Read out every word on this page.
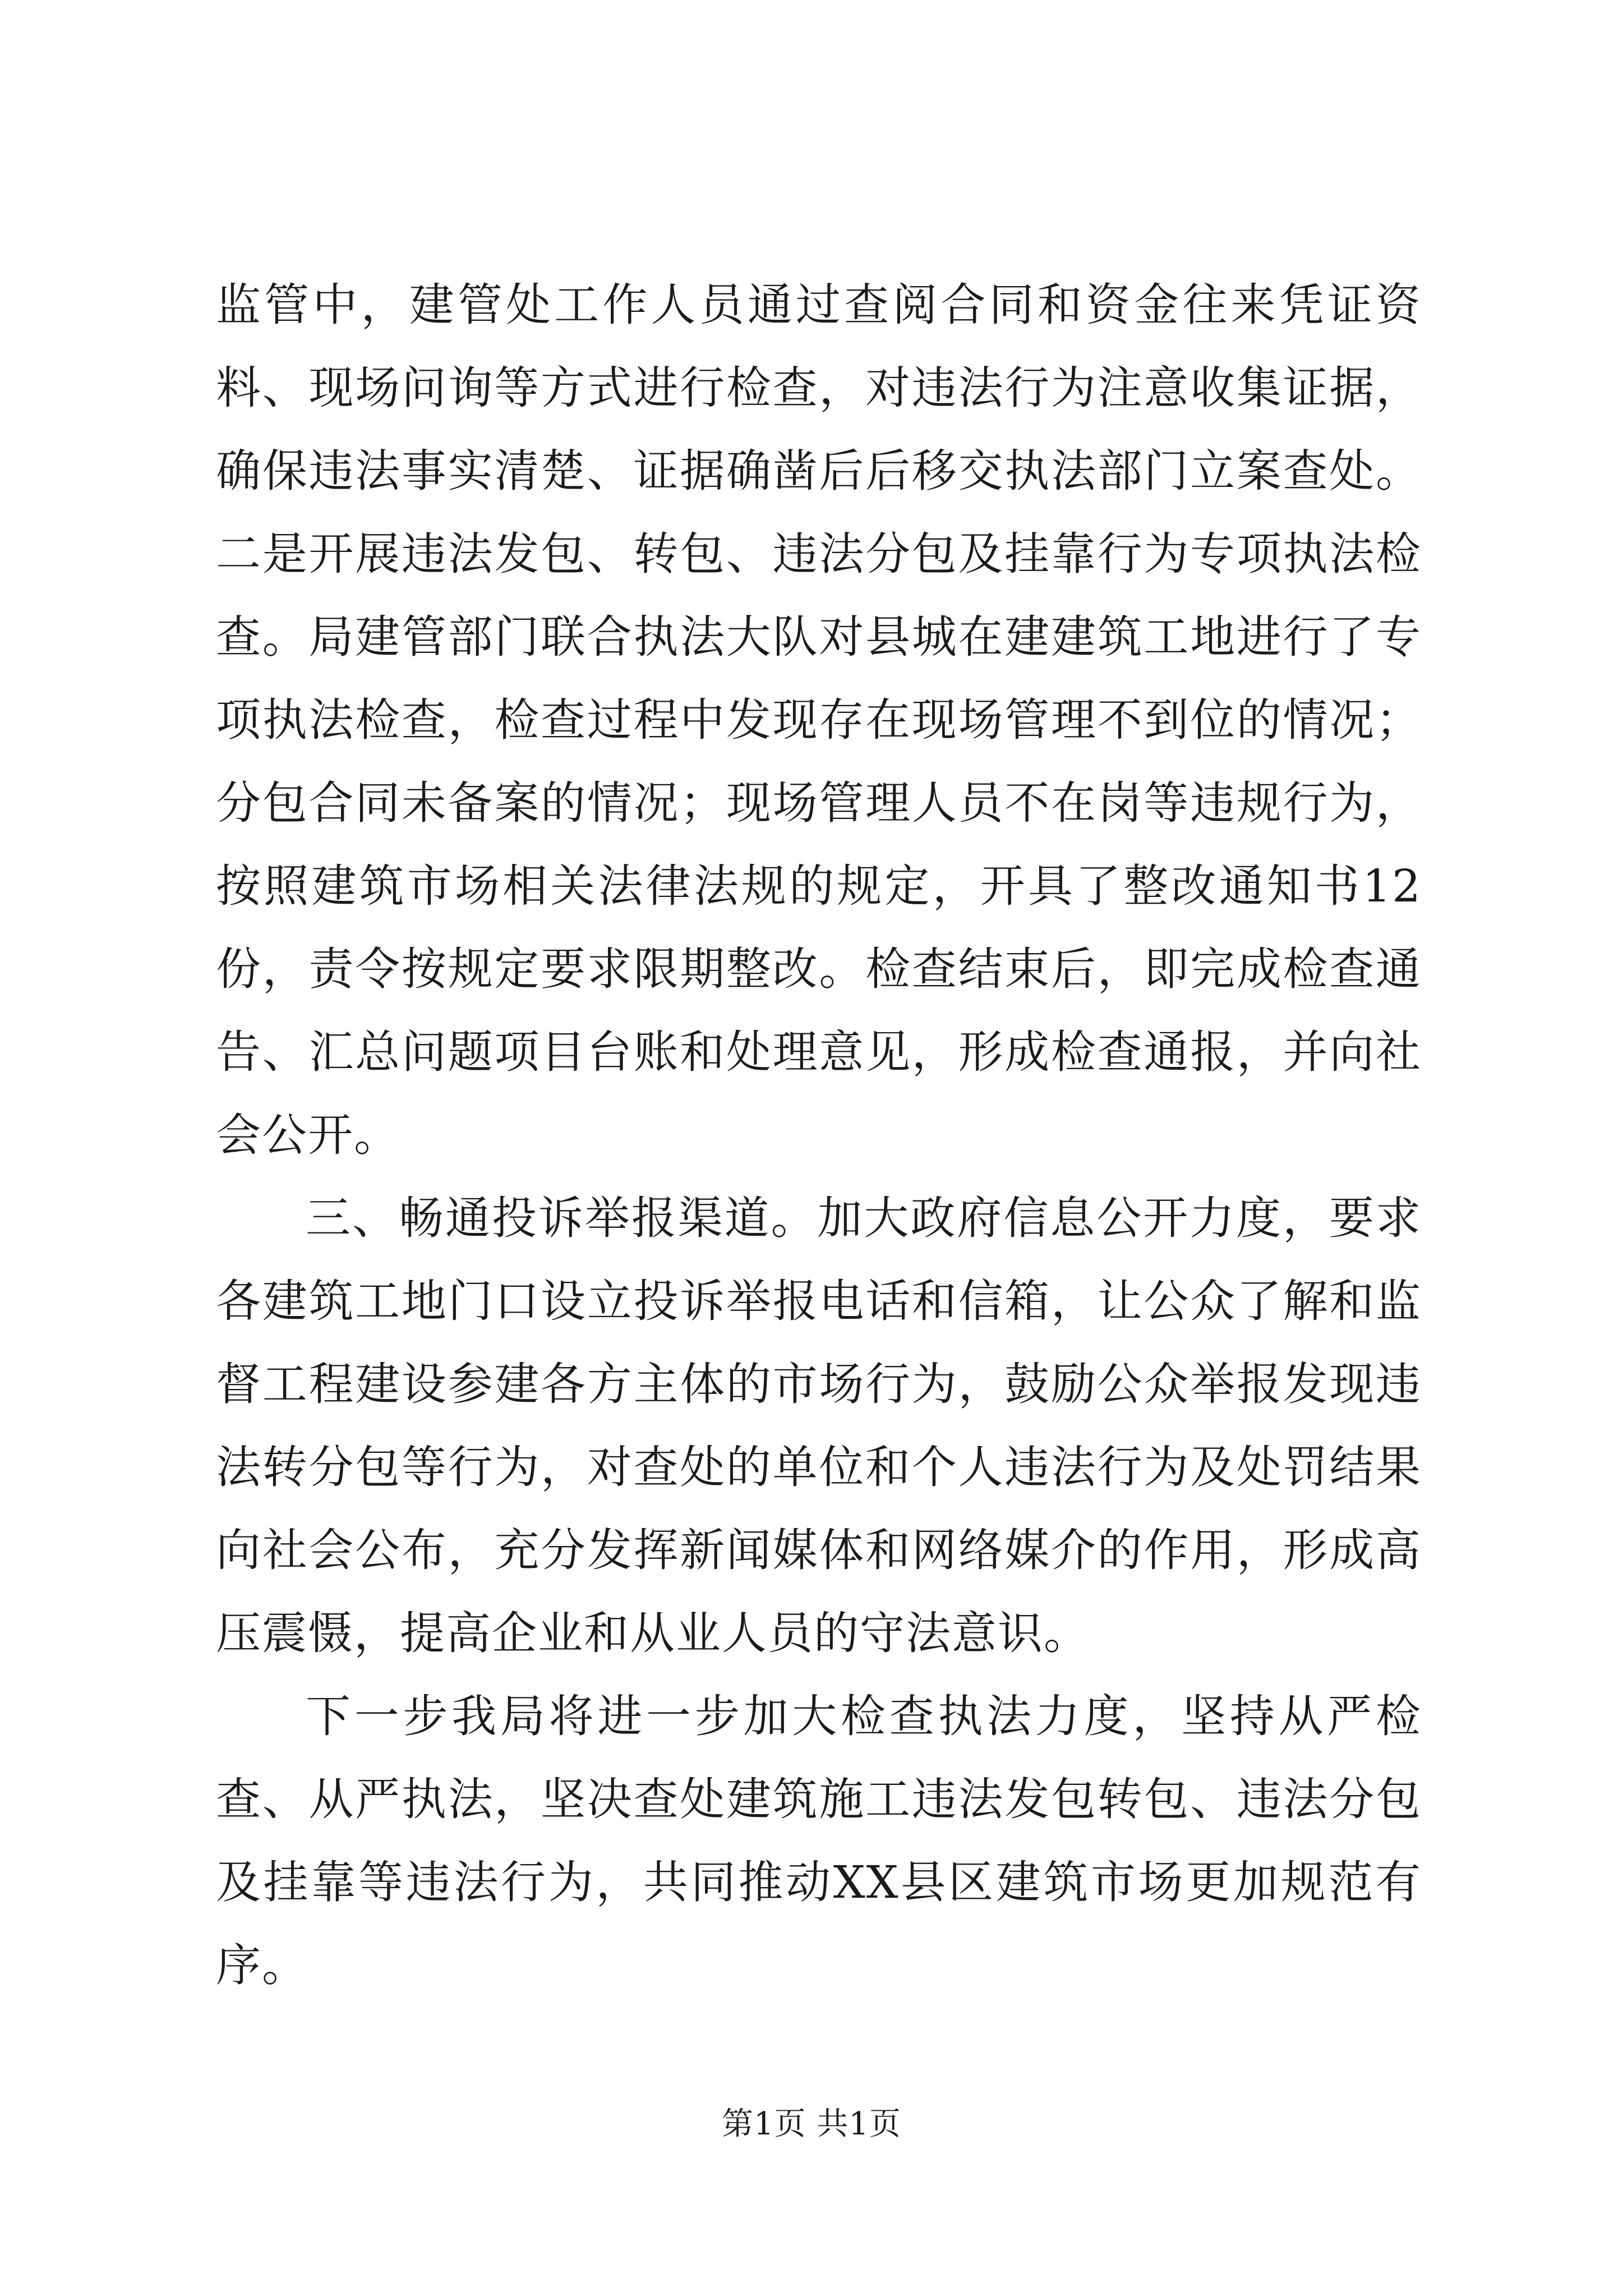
监管中，建管处工作人员通过查阅合同和资金往来凭证资料、现场问询等方式进行检查，对违法行为注意收集证据，确保违法事实清楚、证据确凿后后移交执法部门立案查处。二是开展违法发包、转包、违法分包及挂靠行为专项执法检查。局建管部门联合执法大队对县城在建建筑工地进行了专项执法检查，检查过程中发现存在现场管理不到位的情况；分包合同未备案的情况；现场管理人员不在岗等违规行为，按照建筑市场相关法律法规的规定，开具了整改通知书12份，责令按规定要求限期整改。检查结束后，即完成检查通告、汇总问题项目台账和处理意见，形成检查通报，并向社会公开。

三、畅通投诉举报渠道。加大政府信息公开力度，要求各建筑工地门口设立投诉举报电话和信箱，让公众了解和监督工程建设参建各方主体的市场行为，鼓励公众举报发现违法转分包等行为，对查处的单位和个人违法行为及处罚结果向社会公布，充分发挥新闻媒体和网络媒介的作用，形成高压震慑，提高企业和从业人员的守法意识。

下一步我局将进一步加大检查执法力度，坚持从严检查、从严执法，坚决查处建筑施工违法发包转包、违法分包及挂靠等违法行为，共同推动XX县区建筑市场更加规范有序。

第1页 共1页
